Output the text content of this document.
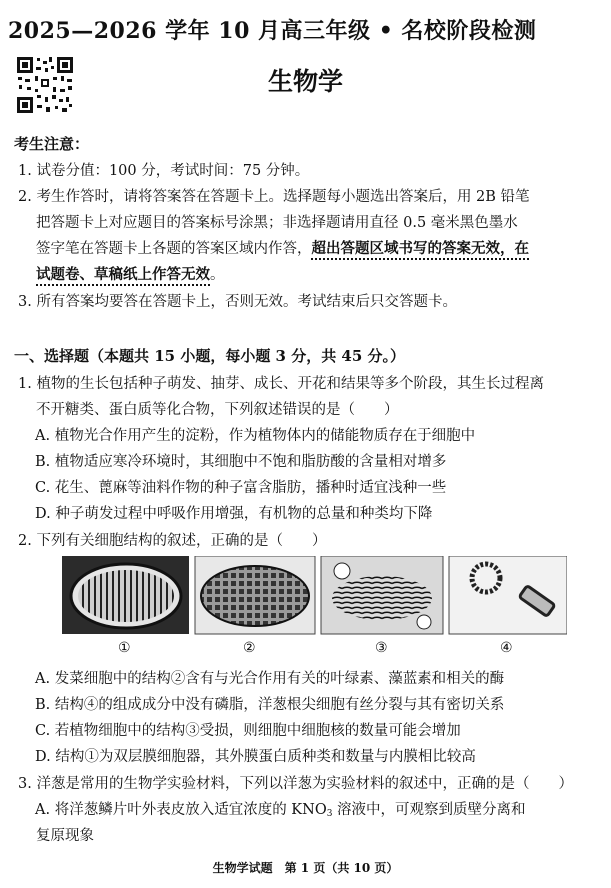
2025—2026 学年 10 月高三年级 • 名校阶段检测
生物学
考生注意：
1. 试卷分值：100 分，考试时间：75 分钟。
2. 考生作答时，请将答案答在答题卡上。选择题每小题选出答案后，用 2B 铅笔
把答题卡上对应题目的答案标号涂黑；非选择题请用直径 0.5 毫米黑色墨水
签字笔在答题卡上各题的答案区域内作答，超出答题区域书写的答案无效，在
试题卷、草稿纸上作答无效。
3. 所有答案均要答在答题卡上，否则无效。考试结束后只交答题卡。
一、选择题（本题共 15 小题，每小题 3 分，共 45 分。）
1. 植物的生长包括种子萌发、抽芽、成长、开花和结果等多个阶段，其生长过程离
不开糖类、蛋白质等化合物，下列叙述错误的是（　　）
A. 植物光合作用产生的淀粉，作为植物体内的储能物质存在于细胞中
B. 植物适应寒冷环境时，其细胞中不饱和脂肪酸的含量相对增多
C. 花生、蓖麻等油料作物的种子富含脂肪，播种时适宜浅种一些
D. 种子萌发过程中呼吸作用增强，有机物的总量和种类均下降
2. 下列有关细胞结构的叙述，正确的是（　　）
①	②	③	④
A. 发菜细胞中的结构②含有与光合作用有关的叶绿素、藻蓝素和相关的酶
B. 结构④的组成成分中没有磷脂，洋葱根尖细胞有丝分裂与其有密切关系
C. 若植物细胞中的结构③受损，则细胞中细胞核的数量可能会增加
D. 结构①为双层膜细胞器，其外膜蛋白质种类和数量与内膜相比较高
3. 洋葱是常用的生物学实验材料，下列以洋葱为实验材料的叙述中，正确的是（　　）
A. 将洋葱鳞片叶外表皮放入适宜浓度的 $KNO_3$ 溶液中，可观察到质壁分离和
复原现象
生物学试题　第 1 页（共 10 页）
